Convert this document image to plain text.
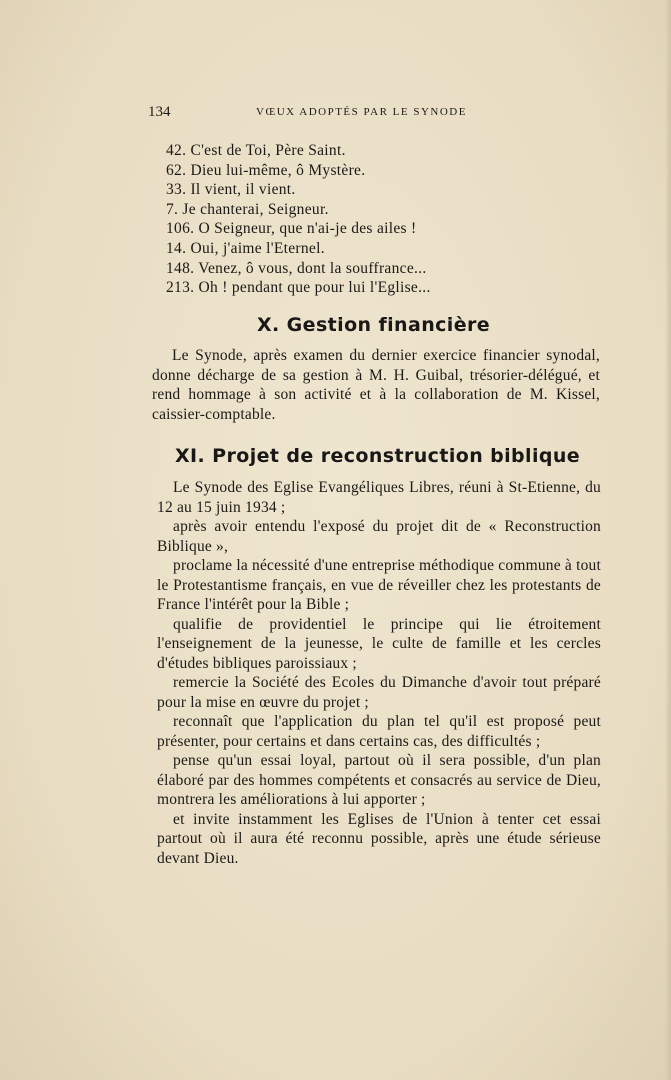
134	VŒUX ADOPTÉS PAR LE SYNODE
42. C'est de Toi, Père Saint.
62. Dieu lui-même, ô Mystère.
33. Il vient, il vient.
7. Je chanterai, Seigneur.
106. O Seigneur, que n'ai-je des ailes !
14. Oui, j'aime l'Eternel.
148. Venez, ô vous, dont la souffrance...
213. Oh ! pendant que pour lui l'Eglise...
X. Gestion financière

Le Synode, après examen du dernier exercice financier synodal, donne décharge de sa gestion à M. H. Guibal, trésorier-délégué, et rend hommage à son activité et à la collaboration de M. Kissel, caissier-comptable.

XI. Projet de reconstruction biblique
Le Synode des Eglise Evangéliques Libres, réuni à St-Etienne, du 12 au 15 juin 1934 ;
après avoir entendu l'exposé du projet dit de « Reconstruction Biblique »,
proclame la nécessité d'une entreprise méthodique commune à tout le Protestantisme français, en vue de réveiller chez les protestants de France l'intérêt pour la Bible ;
qualifie de providentiel le principe qui lie étroitement l'enseignement de la jeunesse, le culte de famille et les cercles d'études bibliques paroissiaux ;
remercie la Société des Ecoles du Dimanche d'avoir tout préparé pour la mise en œuvre du projet ;
reconnaît que l'application du plan tel qu'il est proposé peut présenter, pour certains et dans certains cas, des difficultés ;
pense qu'un essai loyal, partout où il sera possible, d'un plan élaboré par des hommes compétents et consacrés au service de Dieu, montrera les améliorations à lui apporter ;
et invite instamment les Eglises de l'Union à tenter cet essai partout où il aura été reconnu possible, après une étude sérieuse devant Dieu.
